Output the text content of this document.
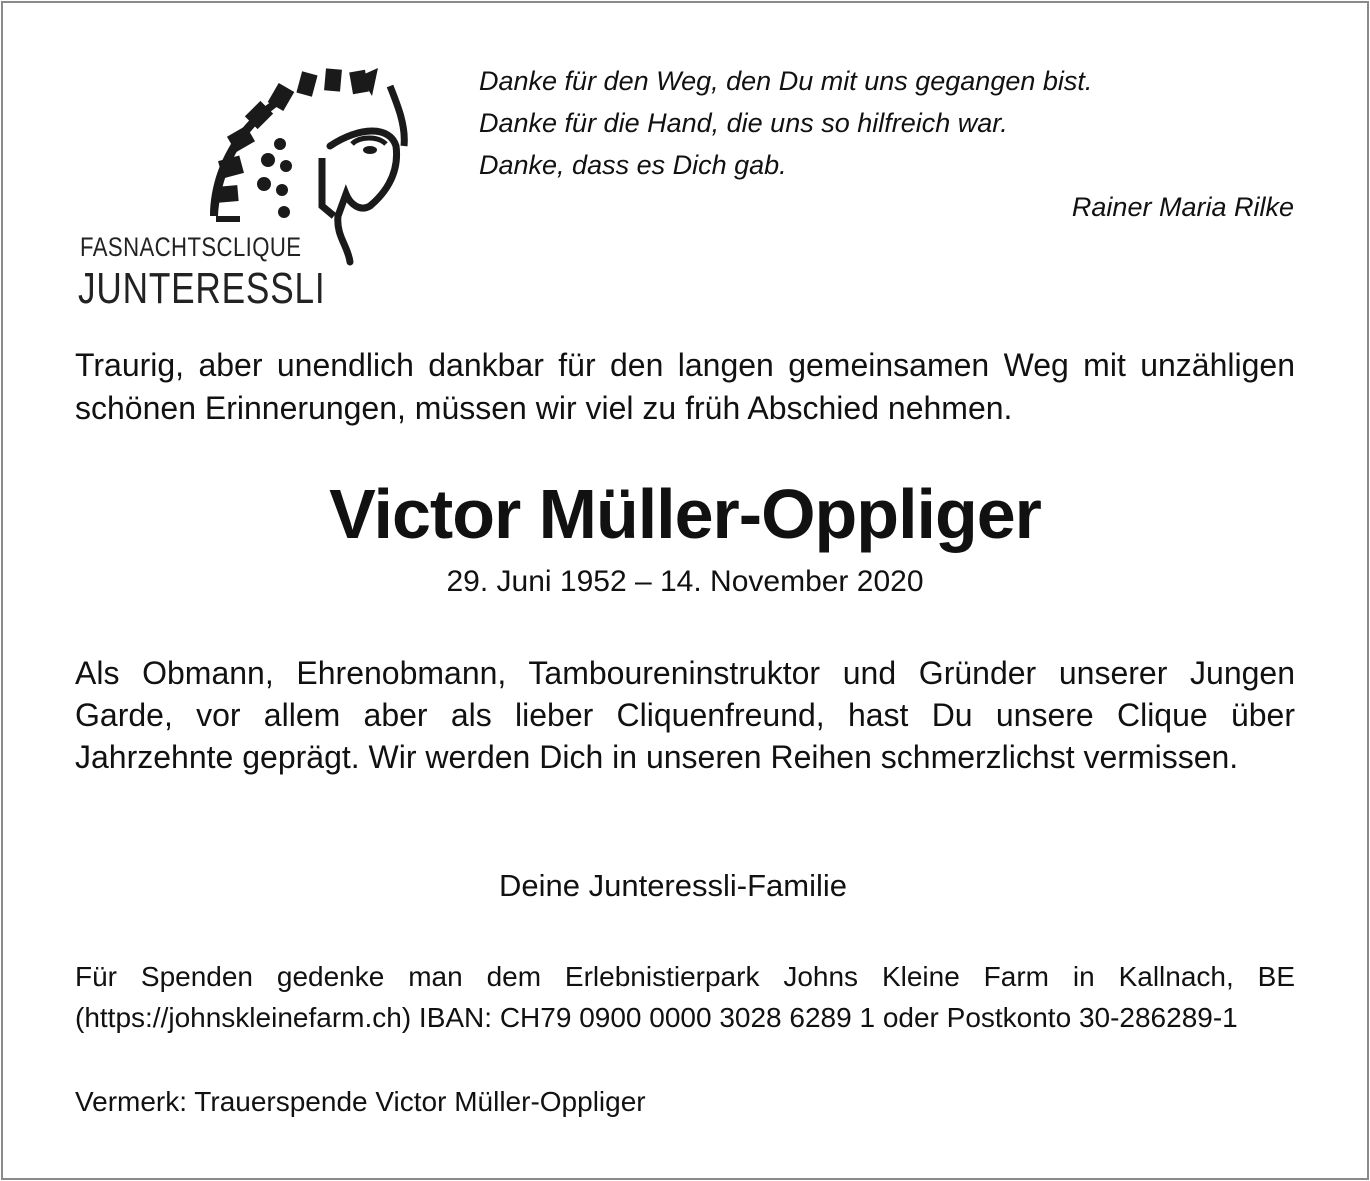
FASNACHTSCLIQUE
JUNTERESSLI
Danke für den Weg, den Du mit uns gegangen bist.
Danke für die Hand, die uns so hilfreich war.
Danke, dass es Dich gab.
Rainer Maria Rilke
Traurig, aber unendlich dankbar für den langen gemeinsamen Weg mit unzähligen schönen Erinnerungen, müssen wir viel zu früh Abschied nehmen.
Victor Müller-Oppliger
29. Juni 1952 – 14. November 2020
Als Obmann, Ehrenobmann, Tamboureninstruktor und Gründer unserer Jungen Garde, vor allem aber als lieber Cliquenfreund, hast Du unsere Clique über Jahrzehnte geprägt. Wir werden Dich in unseren Reihen schmerzlichst vermissen.
Deine Junteressli-Familie
Für Spenden gedenke man dem Erlebnistierpark Johns Kleine Farm in Kallnach, BE (https://johnskleinefarm.ch) IBAN: CH79 0900 0000 3028 6289 1 oder Postkonto 30-286289-1
Vermerk: Trauerspende Victor Müller-Oppliger
